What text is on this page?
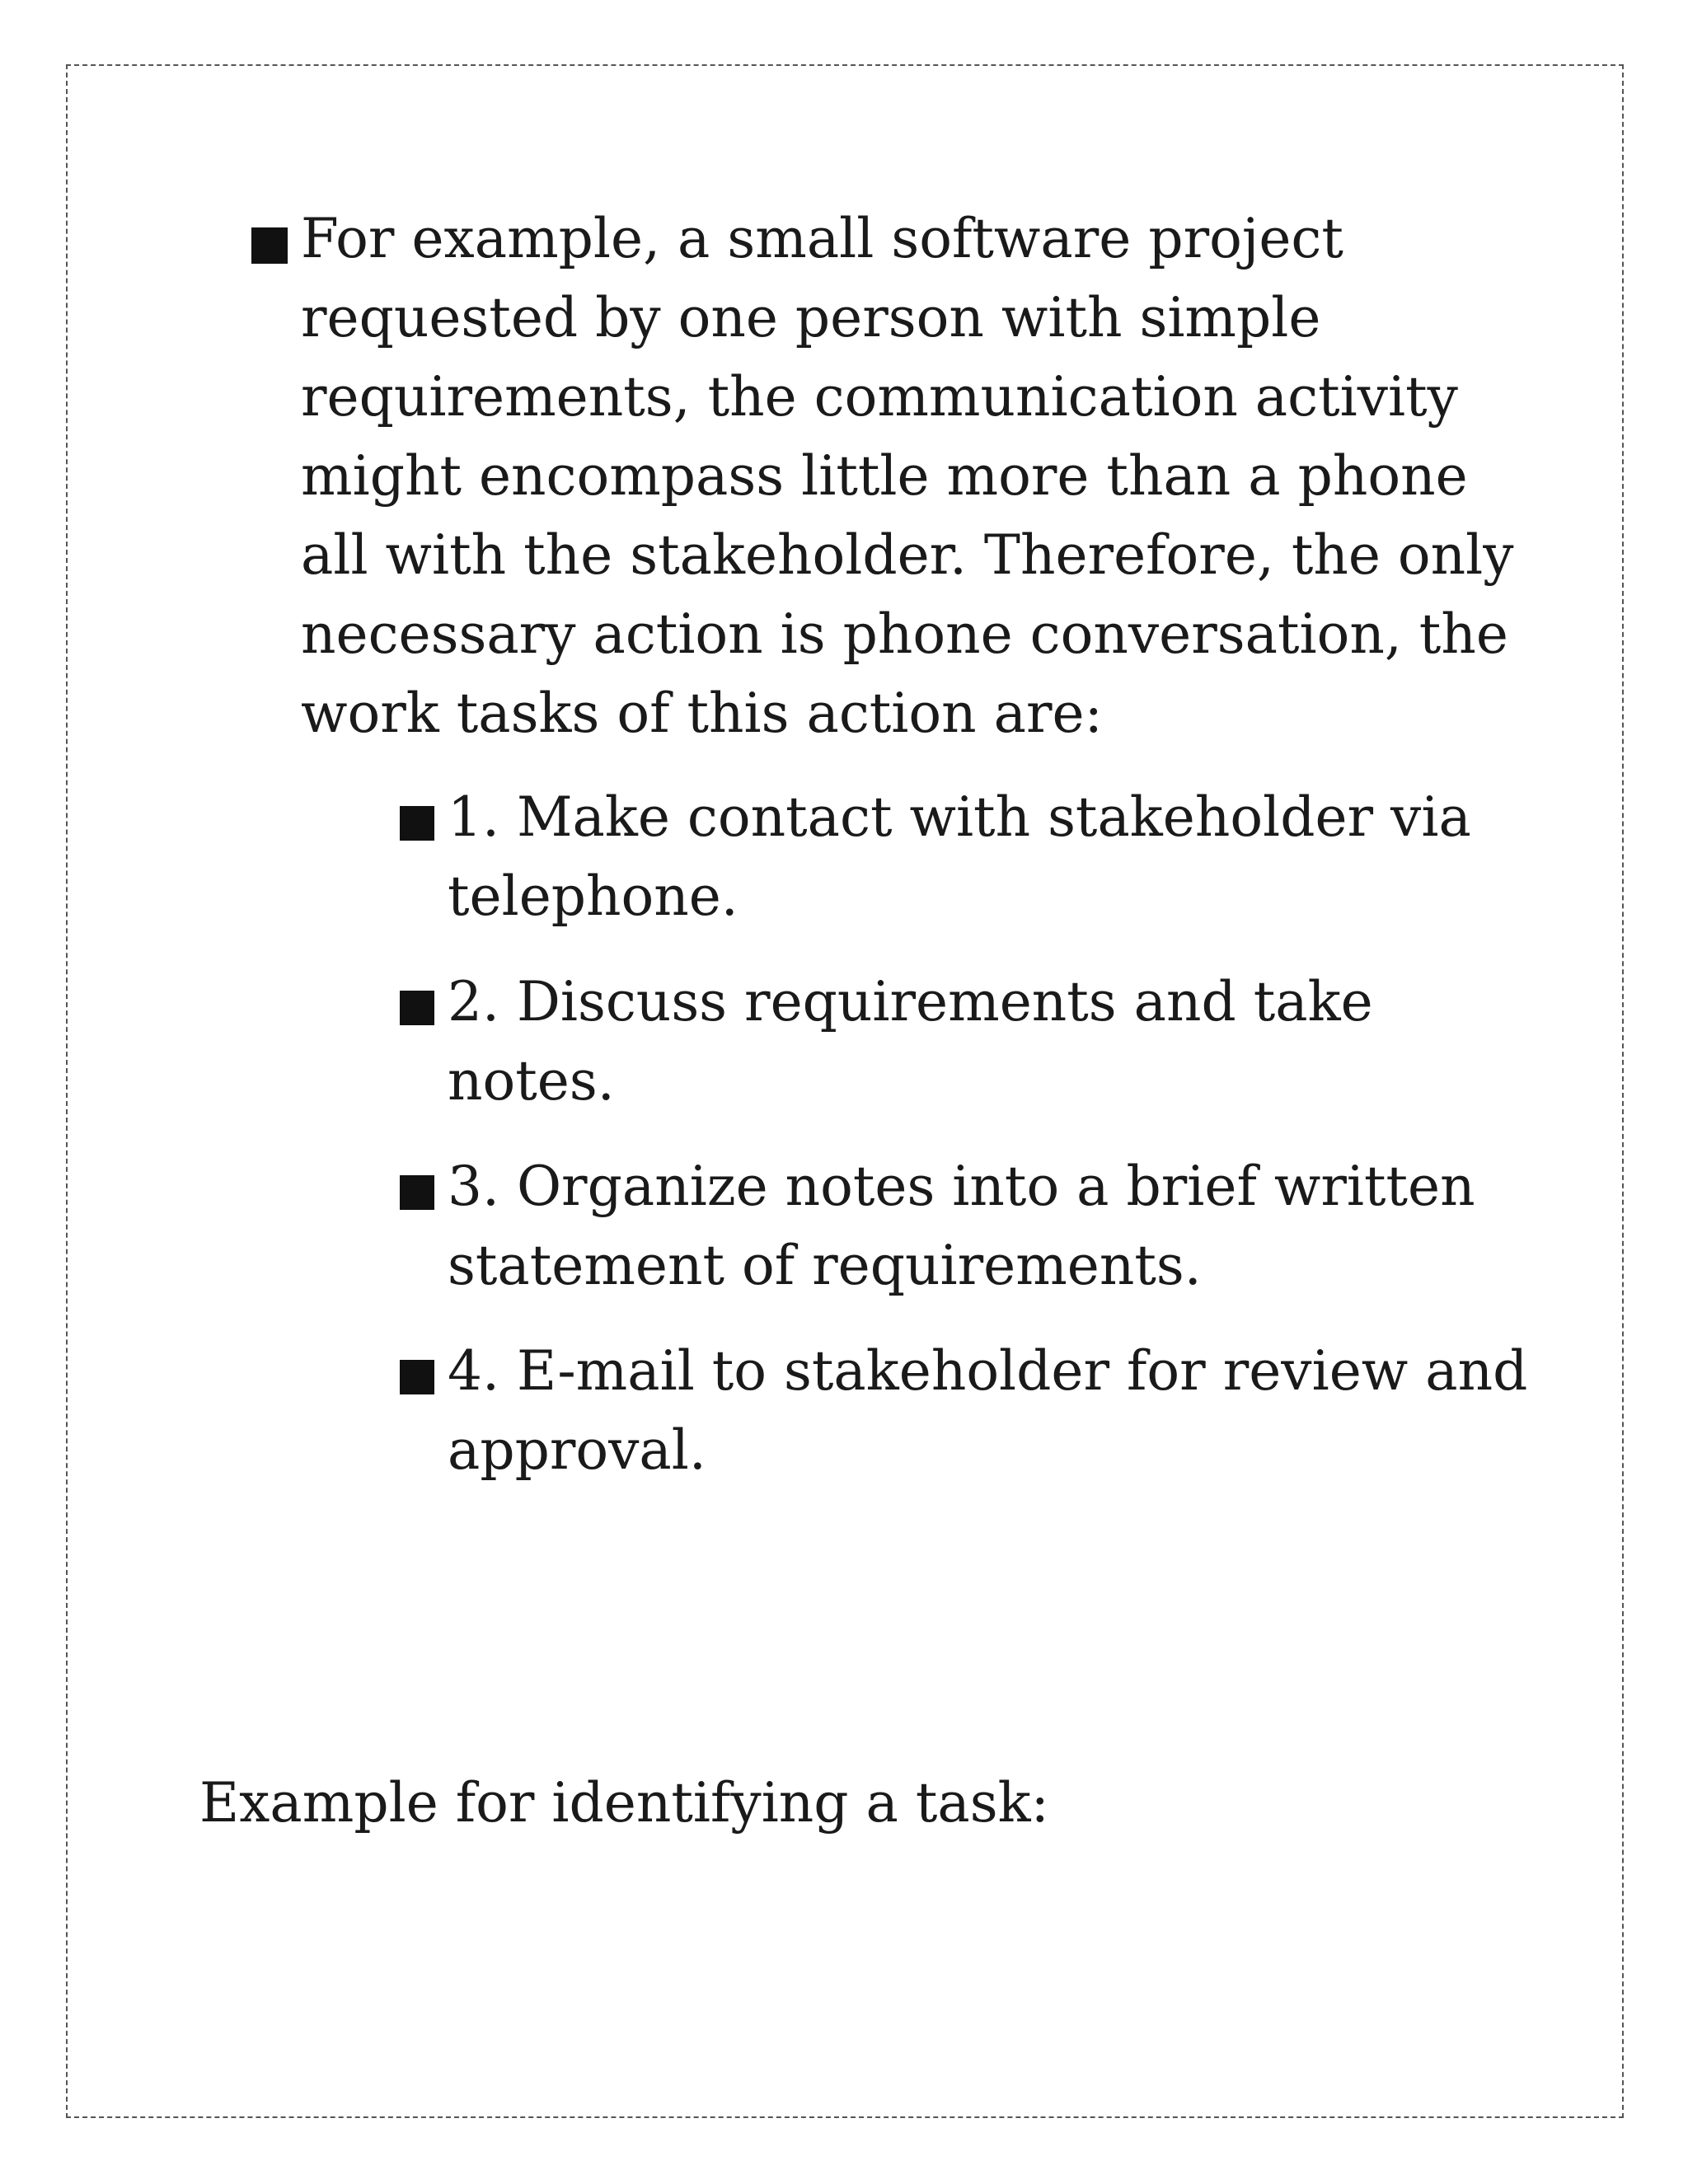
For example, a small software project requested by one person with simple requirements, the communication activity might encompass little more than a phone all with the stakeholder. Therefore, the only necessary action is phone conversation, the work tasks of this action are:
1. Make contact with stakeholder via telephone.
2. Discuss requirements and take notes.
3. Organize notes into a brief written statement of requirements.
4. E-mail to stakeholder for review and approval.
Example for identifying a task:
